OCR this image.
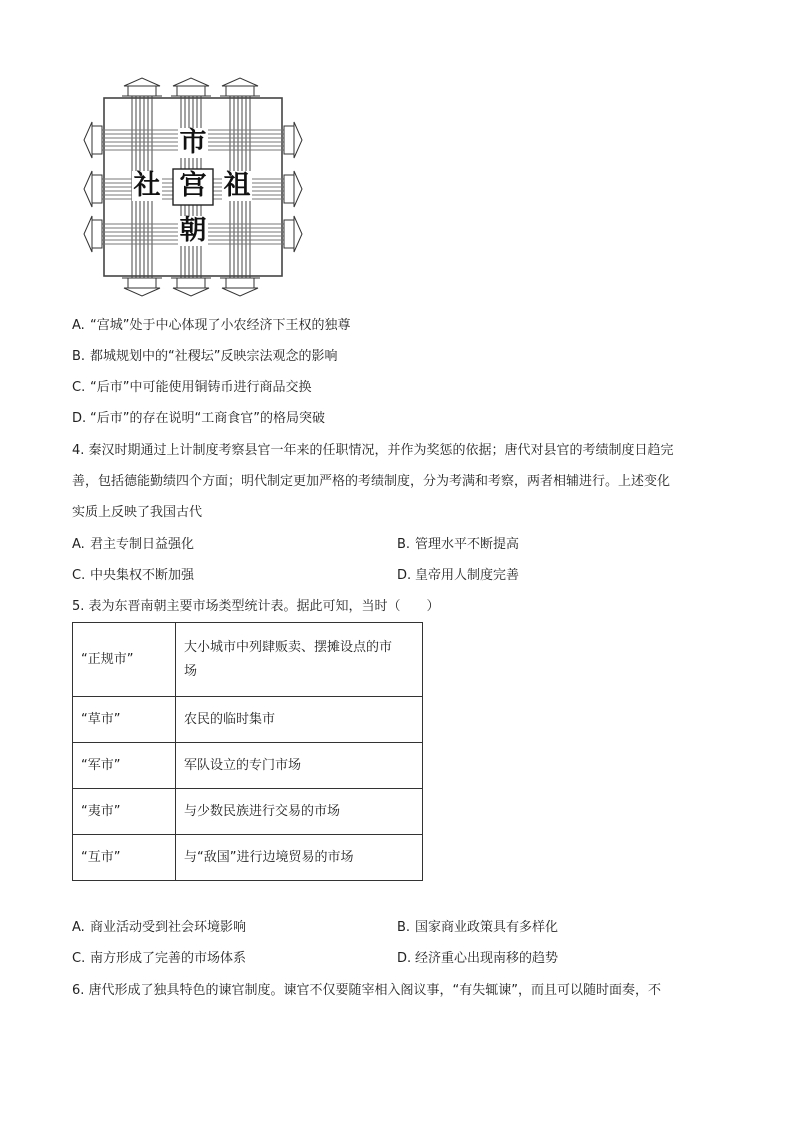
市
宫
社 祖
朝
A. “宫城”处于中心体现了小农经济下王权的独尊
B. 都城规划中的“社稷坛”反映宗法观念的影响
C. “后市”中可能使用铜铸币进行商品交换
D. “后市”的存在说明“工商食官”的格局突破
4. 秦汉时期通过上计制度考察县官一年来的任职情况，并作为奖惩的依据；唐代对县官的考绩制度日趋完
善，包括德能勤绩四个方面；明代制定更加严格的考绩制度，分为考满和考察，两者相辅进行。上述变化
实质上反映了我国古代
A. 君主专制日益强化	B. 管理水平不断提高
C. 中央集权不断加强	D. 皇帝用人制度完善
5. 表为东晋南朝主要市场类型统计表。据此可知，当时（　　）
“正规市”	大小城市中列肆贩卖、摆摊设点的市
场

“草市”	农民的临时集市
“军市”	军队设立的专门市场
“夷市”	与少数民族进行交易的市场
“互市”	与“敌国”进行边境贸易的市场
A. 商业活动受到社会环境影响	B. 国家商业政策具有多样化
C. 南方形成了完善的市场体系	D. 经济重心出现南移的趋势
6. 唐代形成了独具特色的谏官制度。谏官不仅要随宰相入阁议事，“有失辄谏”，而且可以随时面奏，不
